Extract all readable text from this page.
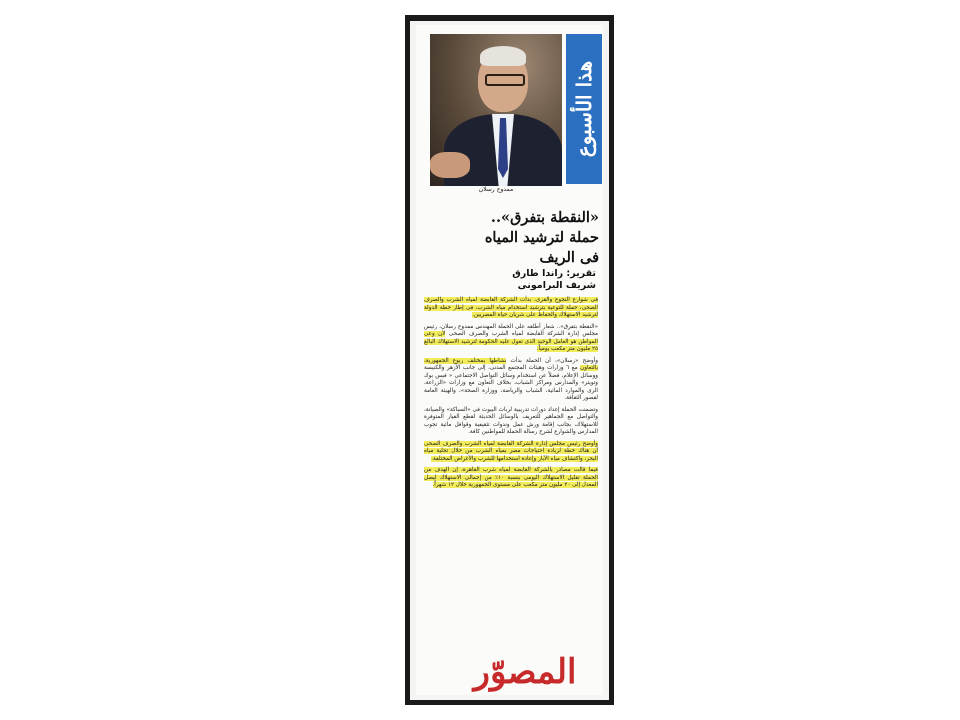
ممدوح رسلان
هذا الأسبوع
«النقطة بتفرق»..
حملة لترشيد المياه
فى الريف
تقرير: راندا طارق
شريف البرامونى

فى شوارع النجوع والقرى، بدأت الشركة القابضة لمياه الشرب والصرف الصحى، حملة للتوعية بترشيد استخدام مياه الشرب، فى إطار خطة الدولة لترشيد الاستهلاك والحفاظ على شريان حياة المصريين.

«النقطة بتفرق».. شعار أطلقه على الحملة المهندس ممدوح رسلان، رئيس مجلس إدارة الشركة القابضة لمياه الشرب والصرف الصحى لأن وعى المواطن هو العامل الوحيد الذى تعول عليه الحكومة لترشيد الاستهلاك البالغ ٢٥ مليون متر مكعب يومياً.

وأوضح «رسلان»، أن الحملة بدأت نشاطها بمختلف ربوع الجمهورية، بالتعاون مع ٦ وزارات وهيئات المجتمع المدنى، إلى جانب الأزهر والكنيسة ووسائل الإعلام، فضلاً عن استخدام وسائل التواصل الاجتماعى « فيس بوك وتويتر» والمدارس ومراكز الشباب، بخلاف التعاون مع وزارات «الزراعة، الرى والموارد المائية، الشباب والرياضة، ووزارة الصحة»، والهيئة العامة لقصور الثقافة.

وتضمنت الحملة إعداد دورات تدريبية لربات البيوت فى «السباكة» والصيانة، والتواصل مع الجماهير للتعريف بالوسائل الحديثة لقطع الفيار المتوفرة للاستهلاك، بجانب إقامة ورش عمل وندوات تثقيفية وقوافل مائية تجوب المدارس والشوارع لشرح رسالة الحملة للمواطنين كافة.

وأوضح رئيس مجلس إدارة الشركة القابضة لمياه الشرب والصرف الصحى أن هناك خطة لزيادة احتياجات مصر بمياه الشرب من خلال تحلية مياه البحر، واكتشاف مياه الآبار وإعادة استخدامها للشرب والأغراض المختلفة.

فيما قالت مصادر بالشركة القابضة لمياه شرب القاهرة، إن الهدف من الحملة تقليل الاستهلاك اليومى بنسبة ١٠٪ من إجمالى الاستهلاك ليصل المعدل إلى ٢٠ مليون متر مكعب على مستوى الجمهورية خلال ١٢ شهراً.

المصوّر
